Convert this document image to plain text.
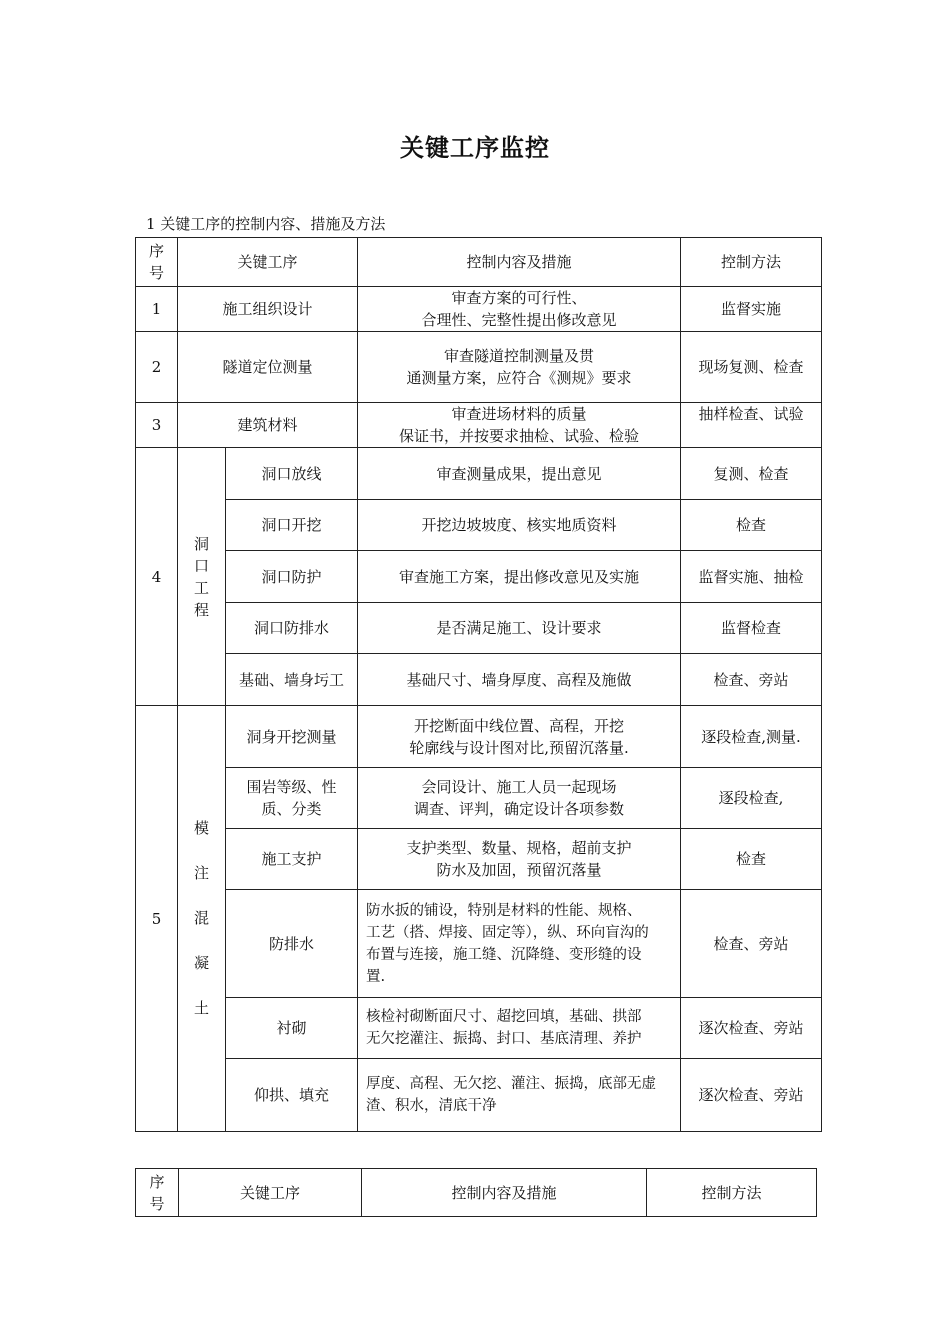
关键工序监控
1 关键工序的控制内容、措施及方法
序
号	关键工序		控制内容及措施	控制方法
1	施工组织设计		审查方案的可行性、
合理性、完整性提出修改意见	监督实施
2	隧道定位测量		审查隧道控制测量及贯
通测量方案，应符合《测规》要求	现场复测、检查
3	建筑材料		审查进场材料的质量
保证书，并按要求抽检、试验、检验	抽样检查、试验
4	洞
口
工
程	洞口放线	审查测量成果，提出意见	复测、检查
		洞口开挖	开挖边坡坡度、核实地质资料	检查
		洞口防护	审查施工方案，提出修改意见及实施	监督实施、抽检
		洞口防排水	是否满足施工、设计要求	监督检查
		基础、墙身圬工	基础尺寸、墙身厚度、高程及施做	检查、旁站
5	模
注
混
凝
土	洞身开挖测量	开挖断面中线位置、高程，开挖
轮廓线与设计图对比,预留沉落量.	逐段检查,测量.

		围岩等级、性
质、分类	会同设计、施工人员一起现场
调查、评判，确定设计各项参数	逐段检查,
		施工支护	支护类型、数量、规格，超前支护
防水及加固，预留沉落量	检查
		防排水	防水扳的铺设，特别是材料的性能、规格、
工艺（搭、焊接、固定等），纵、环向盲沟的
布置与连接，施工缝、沉降缝、变形缝的设
置.	检查、旁站
		衬砌	核检衬砌断面尺寸、超挖回填，基础、拱部
无欠挖灌注、振捣、封口、基底清理、养护	逐次检查、旁站
		仰拱、填充	厚度、高程、无欠挖、灌注、振捣，底部无虚
渣、积水，清底干净	逐次检查、旁站
序
号
	关键工序	控制内容及措施	控制方法
